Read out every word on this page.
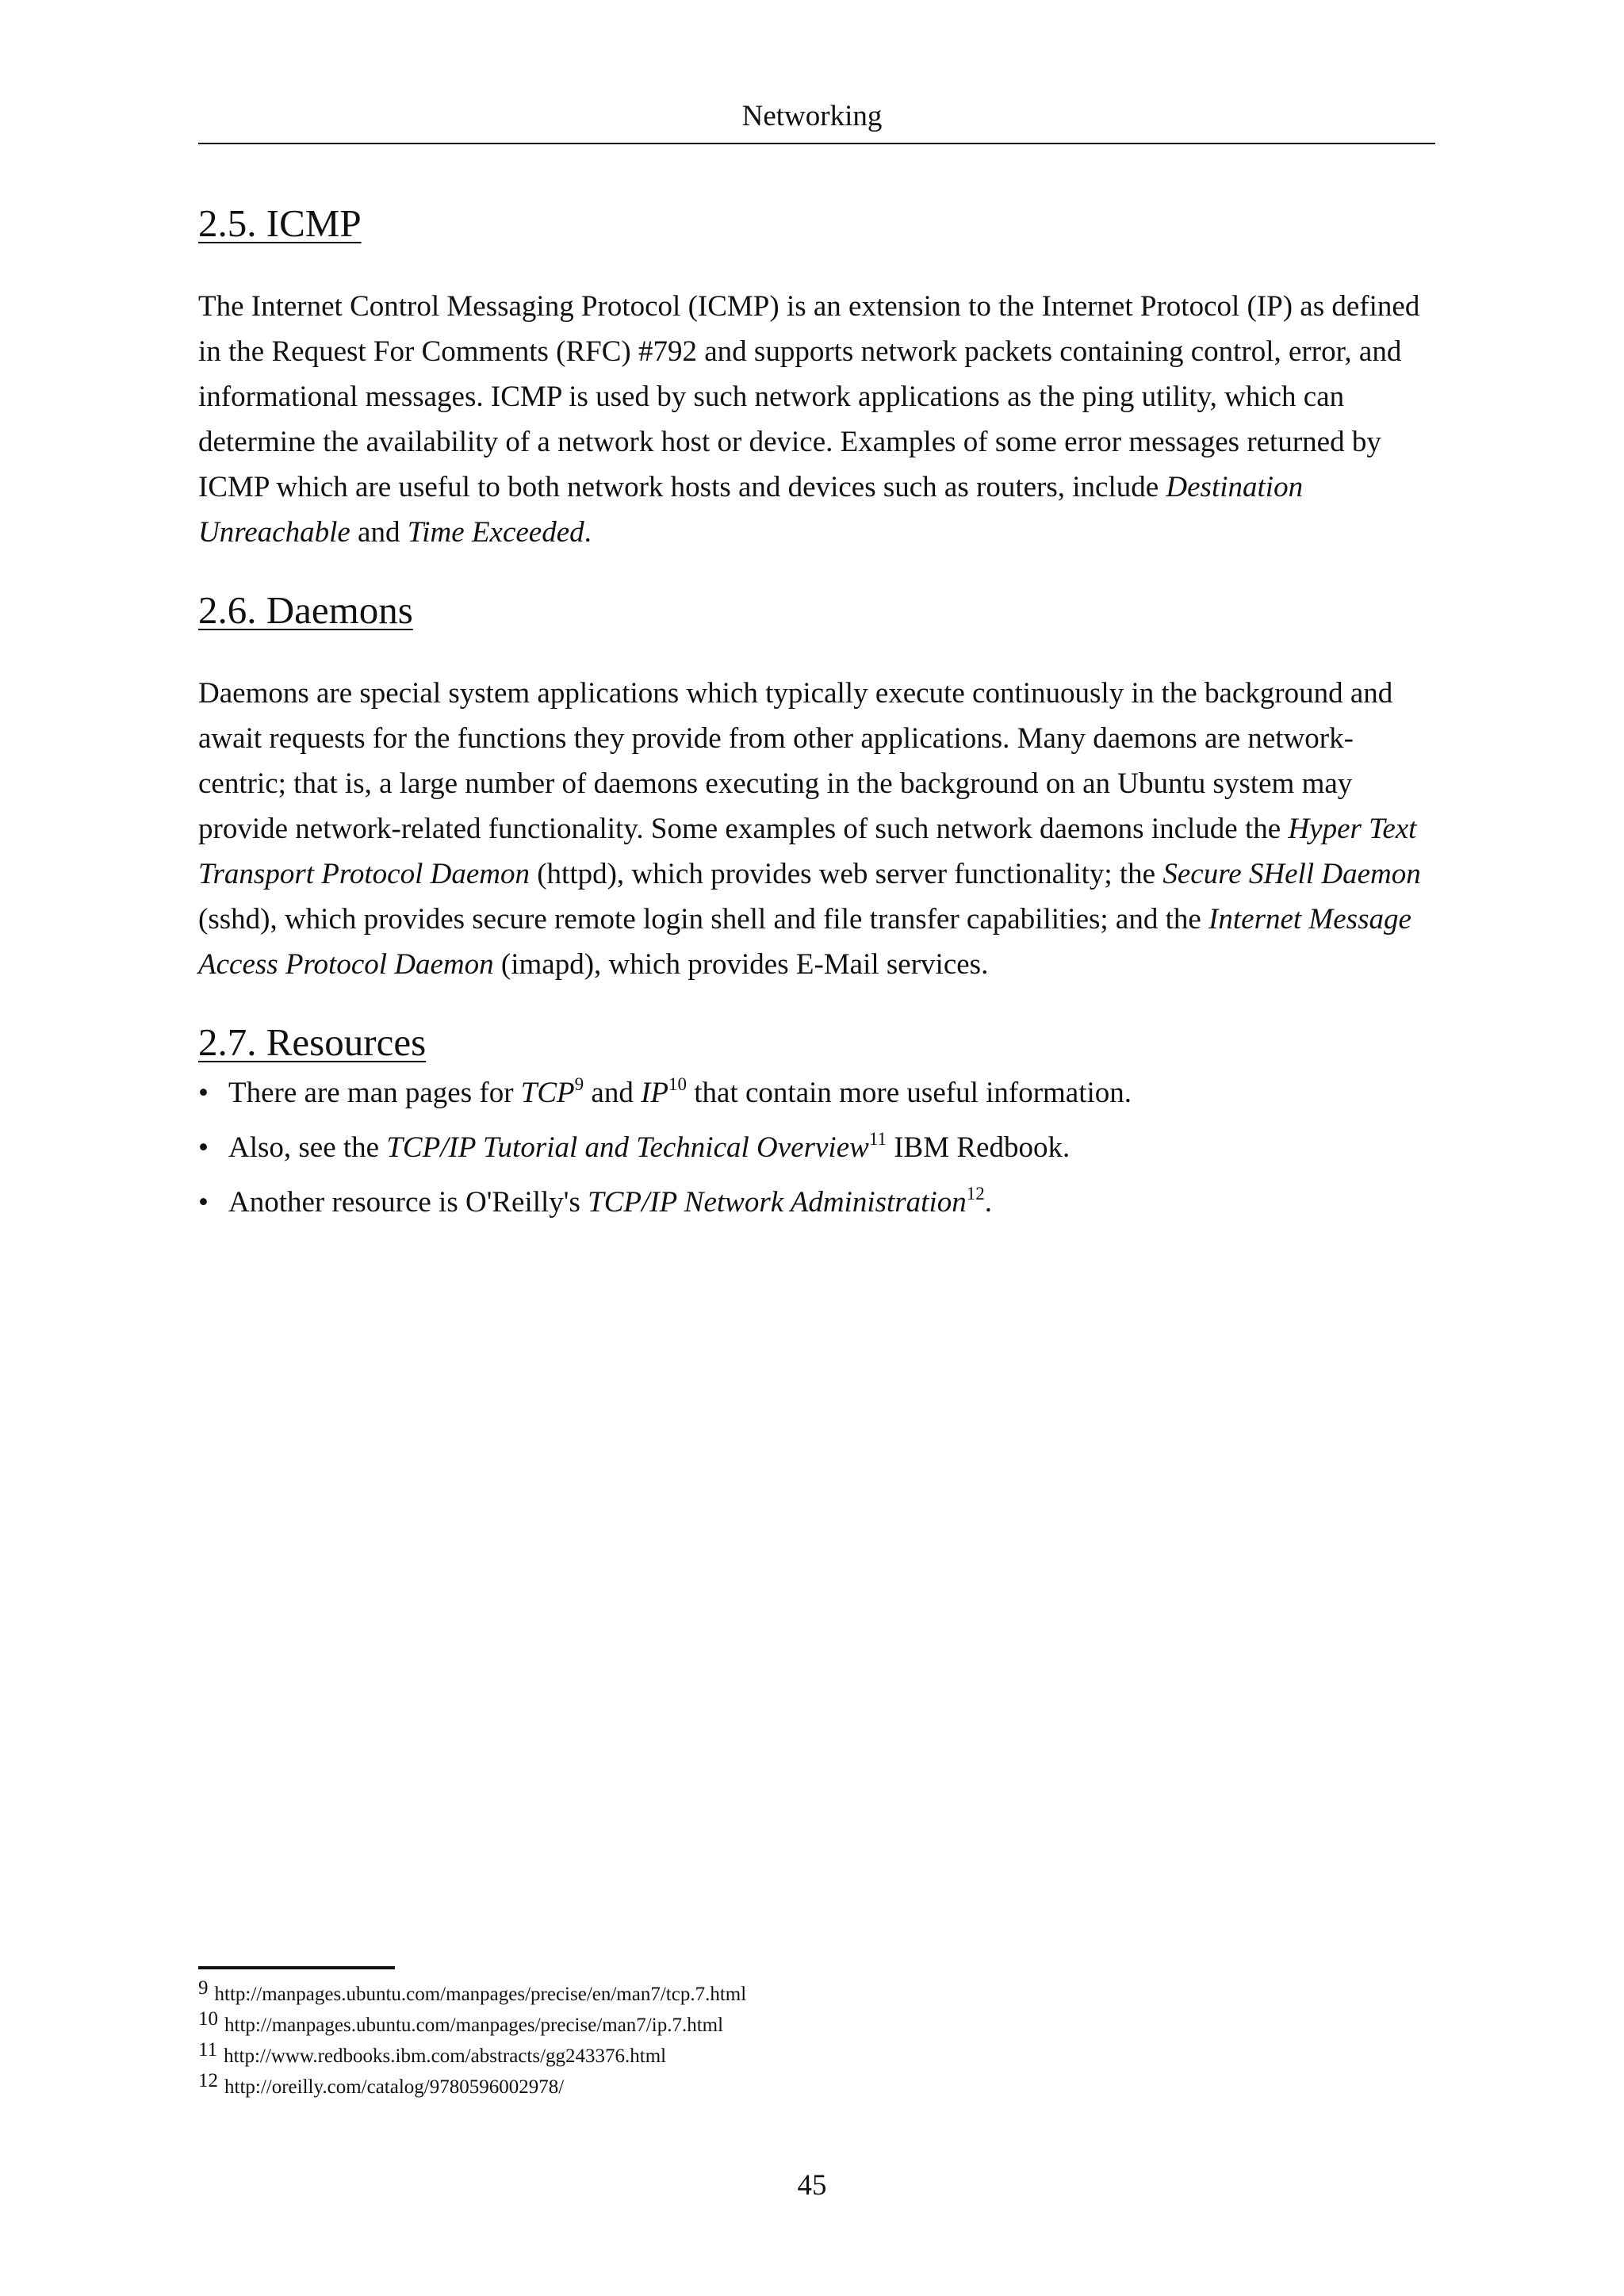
Networking
2.5. ICMP

The Internet Control Messaging Protocol (ICMP) is an extension to the Internet Protocol (IP) as defined in the Request For Comments (RFC) #792 and supports network packets containing control, error, and informational messages. ICMP is used by such network applications as the ping utility, which can determine the availability of a network host or device. Examples of some error messages returned by ICMP which are useful to both network hosts and devices such as routers, include Destination Unreachable and Time Exceeded.

2.6. Daemons

Daemons are special system applications which typically execute continuously in the background and await requests for the functions they provide from other applications. Many daemons are network-centric; that is, a large number of daemons executing in the background on an Ubuntu system may provide network-related functionality. Some examples of such network daemons include the Hyper Text Transport Protocol Daemon (httpd), which provides web server functionality; the Secure SHell Daemon (sshd), which provides secure remote login shell and file transfer capabilities; and the Internet Message Access Protocol Daemon (imapd), which provides E-Mail services.

2.7. Resources
• There are man pages for TCP$^9$ and IP$^{10}$ that contain more useful information.
• Also, see the TCP/IP Tutorial and Technical Overview$^{11}$ IBM Redbook.
• Another resource is O'Reilly's TCP/IP Network Administration$^{12}$.
9 http://manpages.ubuntu.com/manpages/precise/en/man7/tcp.7.html
10 http://manpages.ubuntu.com/manpages/precise/man7/ip.7.html
11 http://www.redbooks.ibm.com/abstracts/gg243376.html
12 http://oreilly.com/catalog/9780596002978/
45
